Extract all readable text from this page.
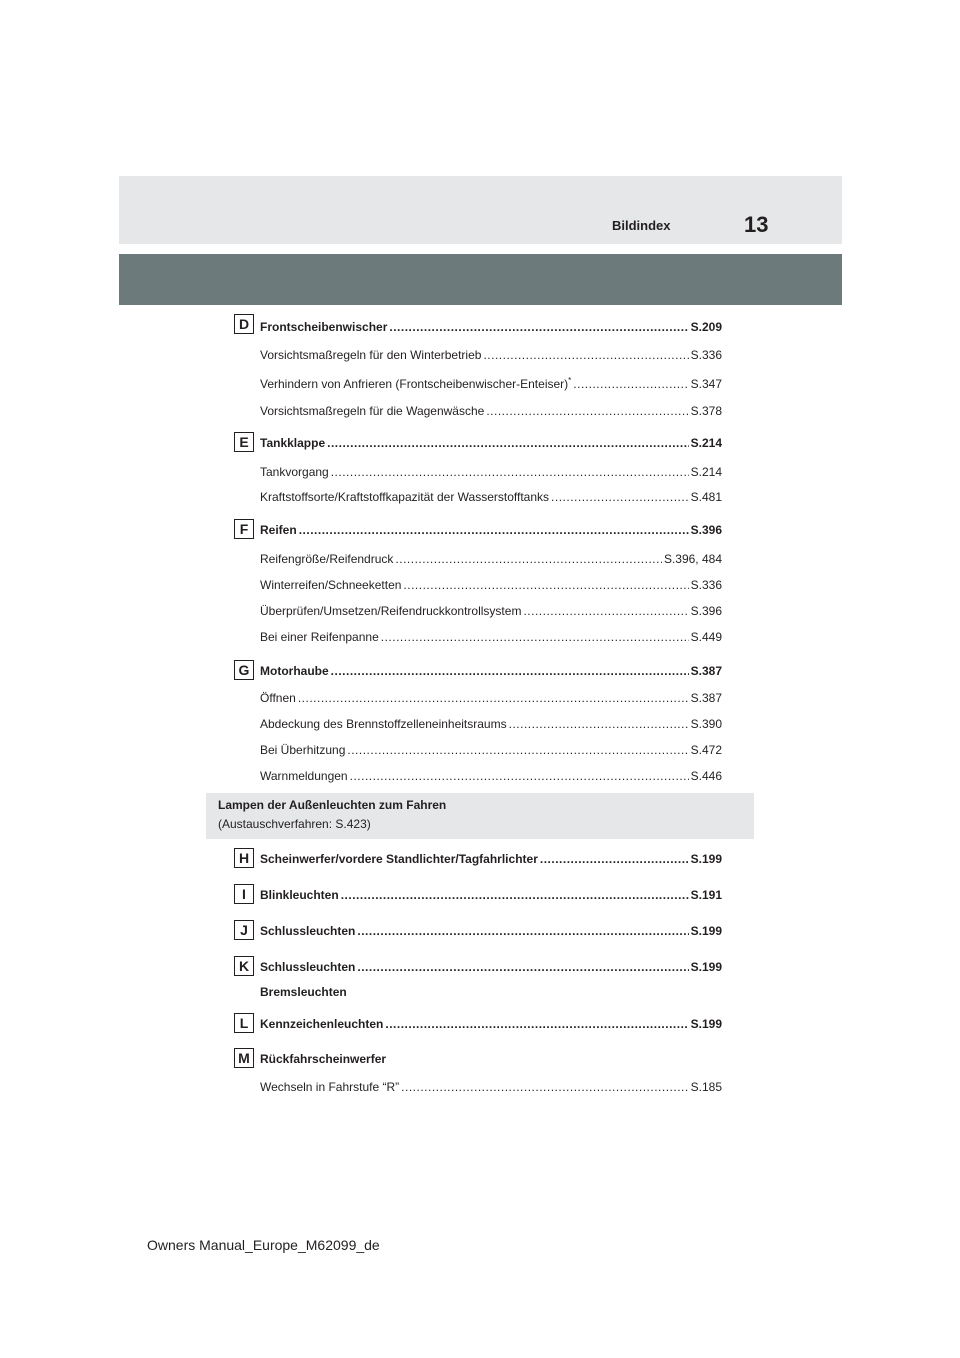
Bildindex	13
D Frontscheibenwischer .....	S.209
Vorsichtsmaßregeln für den Winterbetrieb .....	S.336
Verhindern von Anfrieren (Frontscheibenwischer-Enteiser)* .....	S.347
Vorsichtsmaßregeln für die Wagenwäsche .....	S.378
E Tankklappe .....	S.214
Tankvorgang .....	S.214
Kraftstoffsorte/Kraftstoffkapazität der Wasserstofftanks .....	S.481
F Reifen .....	S.396
Reifengröße/Reifendruck .....	S.396, 484
Winterreifen/Schneeketten .....	S.336
Überprüfen/Umsetzen/Reifendruckkontrollsystem .....	S.396
Bei einer Reifenpanne .....	S.449
G Motorhaube .....	S.387
Öffnen .....	S.387
Abdeckung des Brennstoffzelleneinheitsraums .....	S.390
Bei Überhitzung .....	S.472
Warnmeldungen .....	S.446
Lampen der Außenleuchten zum Fahren
(Austauschverfahren: S.423)
H Scheinwerfer/vordere Standlichter/Tagfahrlichter .....	S.199
I	Blinkleuchten .....	S.191
J	Schlussleuchten .....	S.199
K Schlussleuchten .....	S.199
Bremsleuchten
L Kennzeichenleuchten .....	S.199
M Rückfahrscheinwerfer
Wechseln in Fahrstufe “R” .....	S.185
Owners Manual_Europe_M62099_de
